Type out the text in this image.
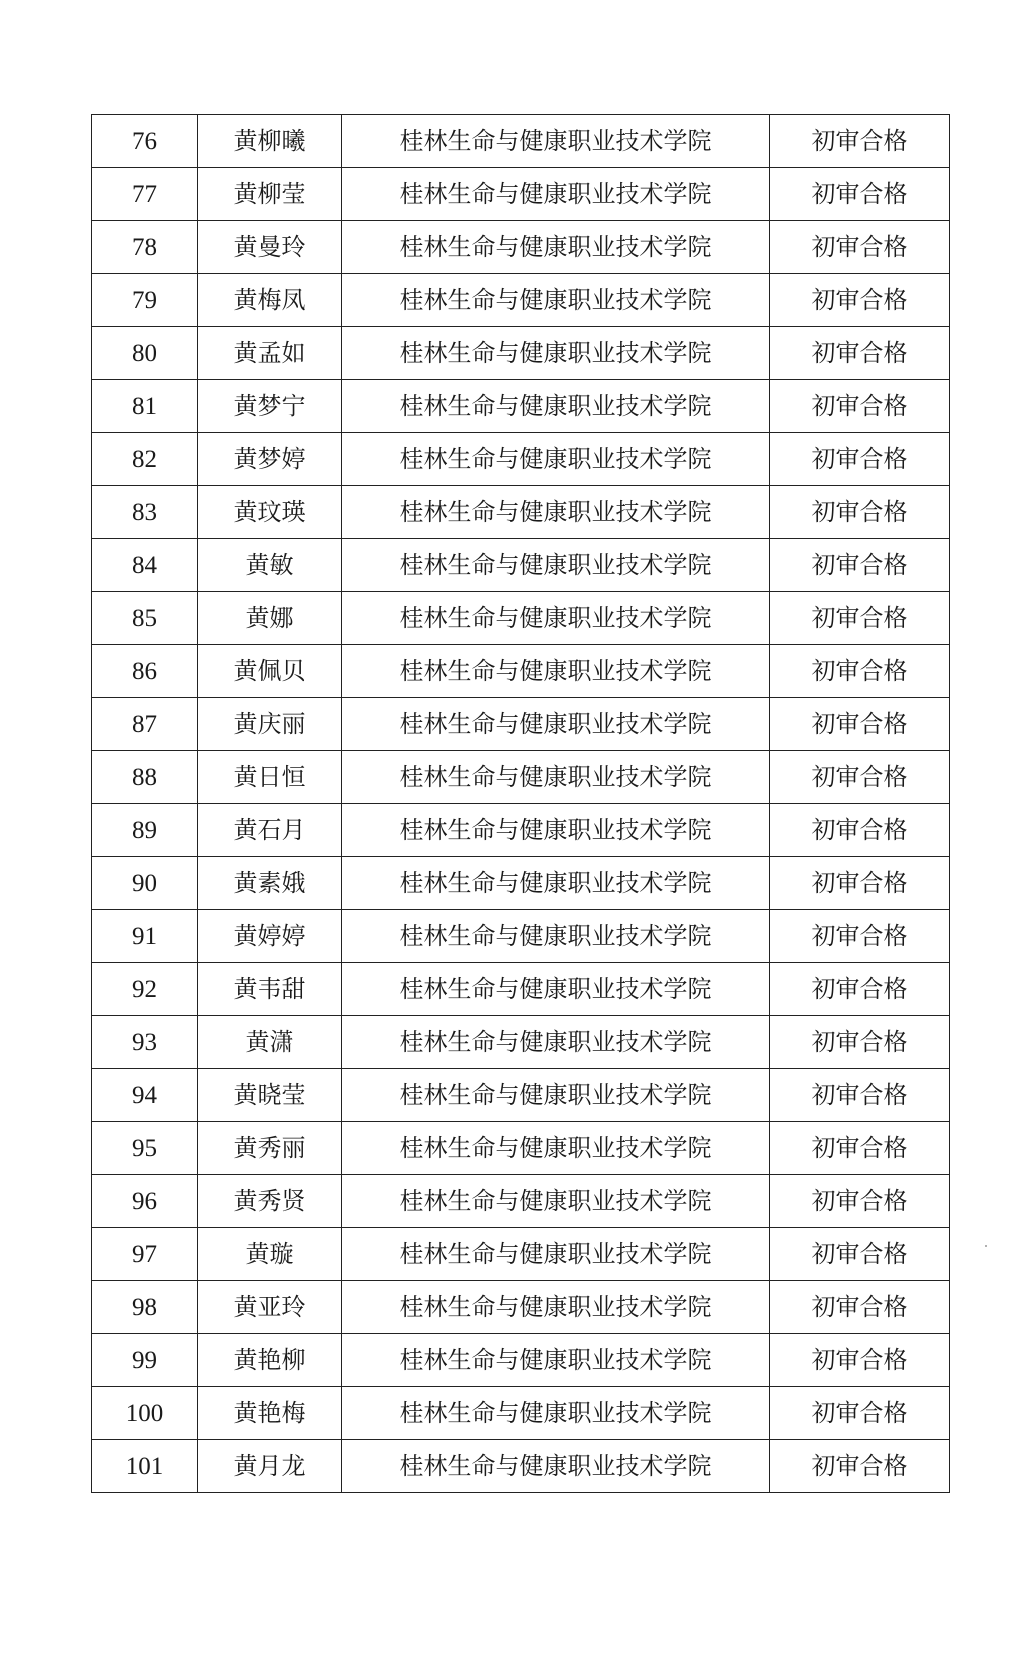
76	黄柳曦	桂林生命与健康职业技术学院	初审合格
77	黄柳莹	桂林生命与健康职业技术学院	初审合格
78	黄曼玲	桂林生命与健康职业技术学院	初审合格
79	黄梅凤	桂林生命与健康职业技术学院	初审合格
80	黄孟如	桂林生命与健康职业技术学院	初审合格
81	黄梦宁	桂林生命与健康职业技术学院	初审合格
82	黄梦婷	桂林生命与健康职业技术学院	初审合格
83	黄玟瑛	桂林生命与健康职业技术学院	初审合格
84	黄敏	桂林生命与健康职业技术学院	初审合格
85	黄娜	桂林生命与健康职业技术学院	初审合格
86	黄佩贝	桂林生命与健康职业技术学院	初审合格
87	黄庆丽	桂林生命与健康职业技术学院	初审合格
88	黄日恒	桂林生命与健康职业技术学院	初审合格
89	黄石月	桂林生命与健康职业技术学院	初审合格
90	黄素娥	桂林生命与健康职业技术学院	初审合格
91	黄婷婷	桂林生命与健康职业技术学院	初审合格
92	黄韦甜	桂林生命与健康职业技术学院	初审合格
93	黄潇	桂林生命与健康职业技术学院	初审合格
94	黄晓莹	桂林生命与健康职业技术学院	初审合格
95	黄秀丽	桂林生命与健康职业技术学院	初审合格
96	黄秀贤	桂林生命与健康职业技术学院	初审合格
97	黄璇	桂林生命与健康职业技术学院	初审合格
98	黄亚玲	桂林生命与健康职业技术学院	初审合格
99	黄艳柳	桂林生命与健康职业技术学院	初审合格
100	黄艳梅	桂林生命与健康职业技术学院	初审合格
101	黄月龙	桂林生命与健康职业技术学院	初审合格
